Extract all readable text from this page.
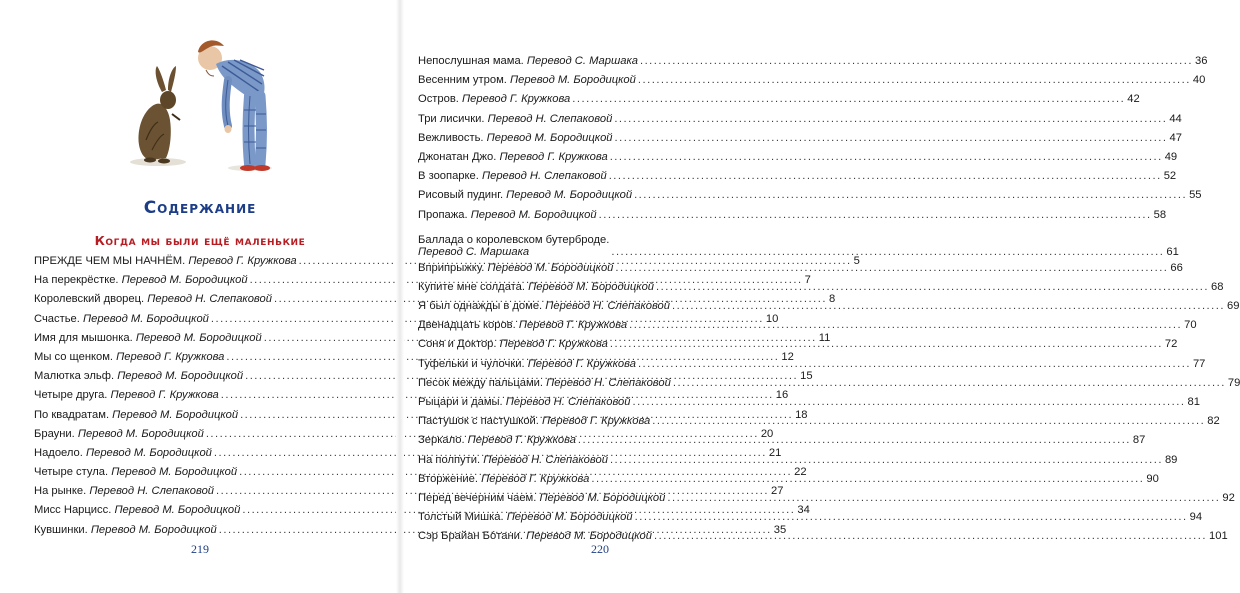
Содержание
Когда мы были ещё маленькие
ПРЕЖДЕ ЧЕМ МЫ НАЧНЁМ. Перевод Г. Кружкова .....	5
На перекрёстке. Перевод М. Бородицкой .....	7
Королевский дворец. Перевод Н. Слепаковой .....	8
Счастье. Перевод М. Бородицкой .....	10
Имя для мышонка. Перевод М. Бородицкой .....	11
Мы со щенком. Перевод Г. Кружкова .....	12
Малютка эльф. Перевод М. Бородицкой .....	15
Четыре друга. Перевод Г. Кружкова .....	16
По квадратам. Перевод М. Бородицкой .....	18
Брауни. Перевод М. Бородицкой .....	20
Надоело. Перевод М. Бородицкой .....	21
Четыре стула. Перевод М. Бородицкой .....	22
На рынке. Перевод Н. Слепаковой .....	27
Мисс Нарцисс. Перевод М. Бородицкой .....	34
Кувшинки. Перевод М. Бородицкой .....	35
219
Непослушная мама. Перевод С. Маршака .....	36
Весенним утром. Перевод М. Бородицкой .....	40
Остров. Перевод Г. Кружкова .....	42
Три лисички. Перевод Н. Слепаковой .....	44
Вежливость. Перевод М. Бородицкой .....	47
Джонатан Джо. Перевод Г. Кружкова .....	49
В зоопарке. Перевод Н. Слепаковой .....	52
Рисовый пудинг. Перевод М. Бородицкой .....	55
Пропажа. Перевод М. Бородицкой .....	58
Баллада о королевском бутерброде.
Перевод С. Маршака .....	61
Вприпрыжку. Перевод М. Бородицкой .....	66
Купите мне солдата. Перевод М. Бородицкой .....	68
Я был однажды в доме. Перевод Н. Слепаковой .....	69
Двенадцать коров. Перевод Г. Кружкова .....	70
Соня и Доктор. Перевод Г. Кружкова .....	72
Туфельки и чулочки. Перевод Г. Кружкова .....	77
Песок между пальцами. Перевод Н. Слепаковой .....	79
Рыцари и дамы. Перевод Н. Слепаковой .....	81
Пастушок с пастушкой. Перевод Г. Кружкова .....	82
Зеркало. Перевод Г. Кружкова .....	87
На полпути. Перевод Н. Слепаковой .....	89
Вторжение. Перевод Г. Кружкова .....	90
Перед вечерним чаем. Перевод М. Бородицкой .....	92
Толстый Мишка. Перевод М. Бородицкой .....	94
Сэр Брайан Бóтани. Перевод М. Бородицкой .....	101
220
